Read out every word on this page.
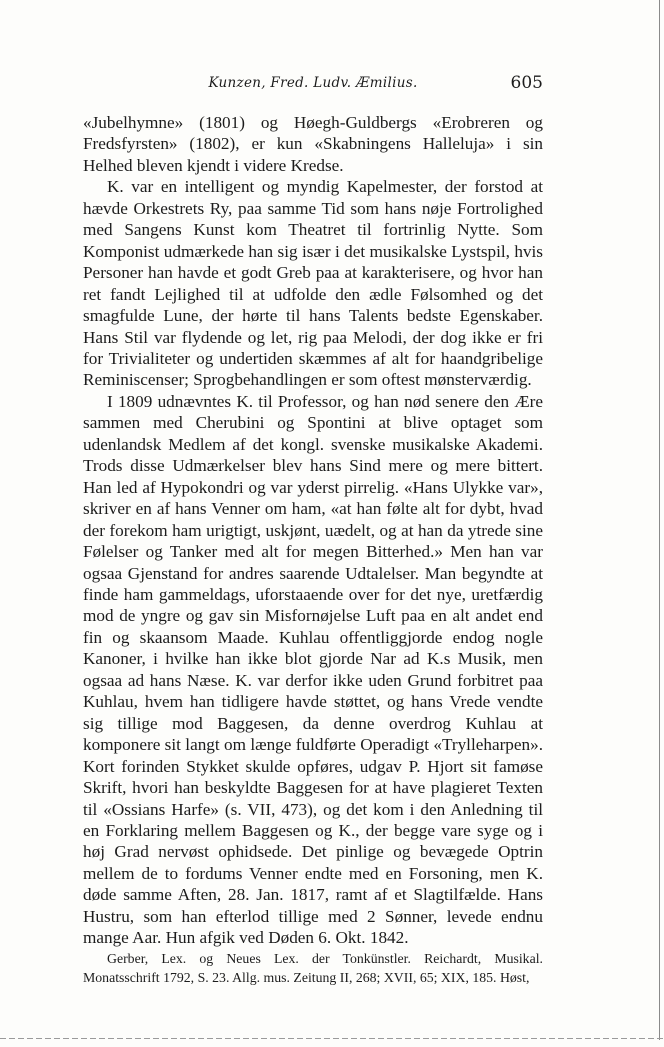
Kunzen, Fred. Ludv. Æmilius.	605

«Jubelhymne» (1801) og Høegh-Guldbergs «Erobreren og Fredsfyrsten» (1802), er kun «Skabningens Halleluja» i sin Helhed bleven kjendt i videre Kredse.

K. var en intelligent og myndig Kapelmester, der forstod at hævde Orkestrets Ry, paa samme Tid som hans nøje Fortrolighed med Sangens Kunst kom Theatret til fortrinlig Nytte. Som Komponist udmærkede han sig især i det musikalske Lystspil, hvis Personer han havde et godt Greb paa at karakterisere, og hvor han ret fandt Lejlighed til at udfolde den ædle Følsomhed og det smagfulde Lune, der hørte til hans Talents bedste Egenskaber. Hans Stil var flydende og let, rig paa Melodi, der dog ikke er fri for Trivialiteter og undertiden skæmmes af alt for haandgribelige Reminiscenser; Sprogbehandlingen er som oftest mønsterværdig.

I 1809 udnævntes K. til Professor, og han nød senere den Ære sammen med Cherubini og Spontini at blive optaget som udenlandsk Medlem af det kongl. svenske musikalske Akademi. Trods disse Udmærkelser blev hans Sind mere og mere bittert. Han led af Hypokondri og var yderst pirrelig. «Hans Ulykke var», skriver en af hans Venner om ham, «at han følte alt for dybt, hvad der forekom ham urigtigt, uskjønt, uædelt, og at han da ytrede sine Følelser og Tanker med alt for megen Bitterhed.» Men han var ogsaa Gjenstand for andres saarende Udtalelser. Man begyndte at finde ham gammeldags, uforstaaende over for det nye, uretfærdig mod de yngre og gav sin Misfornøjelse Luft paa en alt andet end fin og skaansom Maade. Kuhlau offentliggjorde endog nogle Kanoner, i hvilke han ikke blot gjorde Nar ad K.s Musik, men ogsaa ad hans Næse. K. var derfor ikke uden Grund forbitret paa Kuhlau, hvem han tidligere havde støttet, og hans Vrede vendte sig tillige mod Baggesen, da denne overdrog Kuhlau at komponere sit langt om længe fuldførte Operadigt «Trylleharpen». Kort forinden Stykket skulde opføres, udgav P. Hjort sit famøse Skrift, hvori han beskyldte Baggesen for at have plagieret Texten til «Ossians Harfe» (s. VII, 473), og det kom i den Anledning til en Forklaring mellem Baggesen og K., der begge vare syge og i høj Grad nervøst ophidsede. Det pinlige og bevægede Optrin mellem de to fordums Venner endte med en Forsoning, men K. døde samme Aften, 28. Jan. 1817, ramt af et Slagtilfælde. Hans Hustru, som han efterlod tillige med 2 Sønner, levede endnu mange Aar. Hun afgik ved Døden 6. Okt. 1842.

Gerber, Lex. og Neues Lex. der Tonkünstler. Reichardt, Musikal. Monatsschrift 1792, S. 23. Allg. mus. Zeitung II, 268; XVII, 65; XIX, 185. Høst,
